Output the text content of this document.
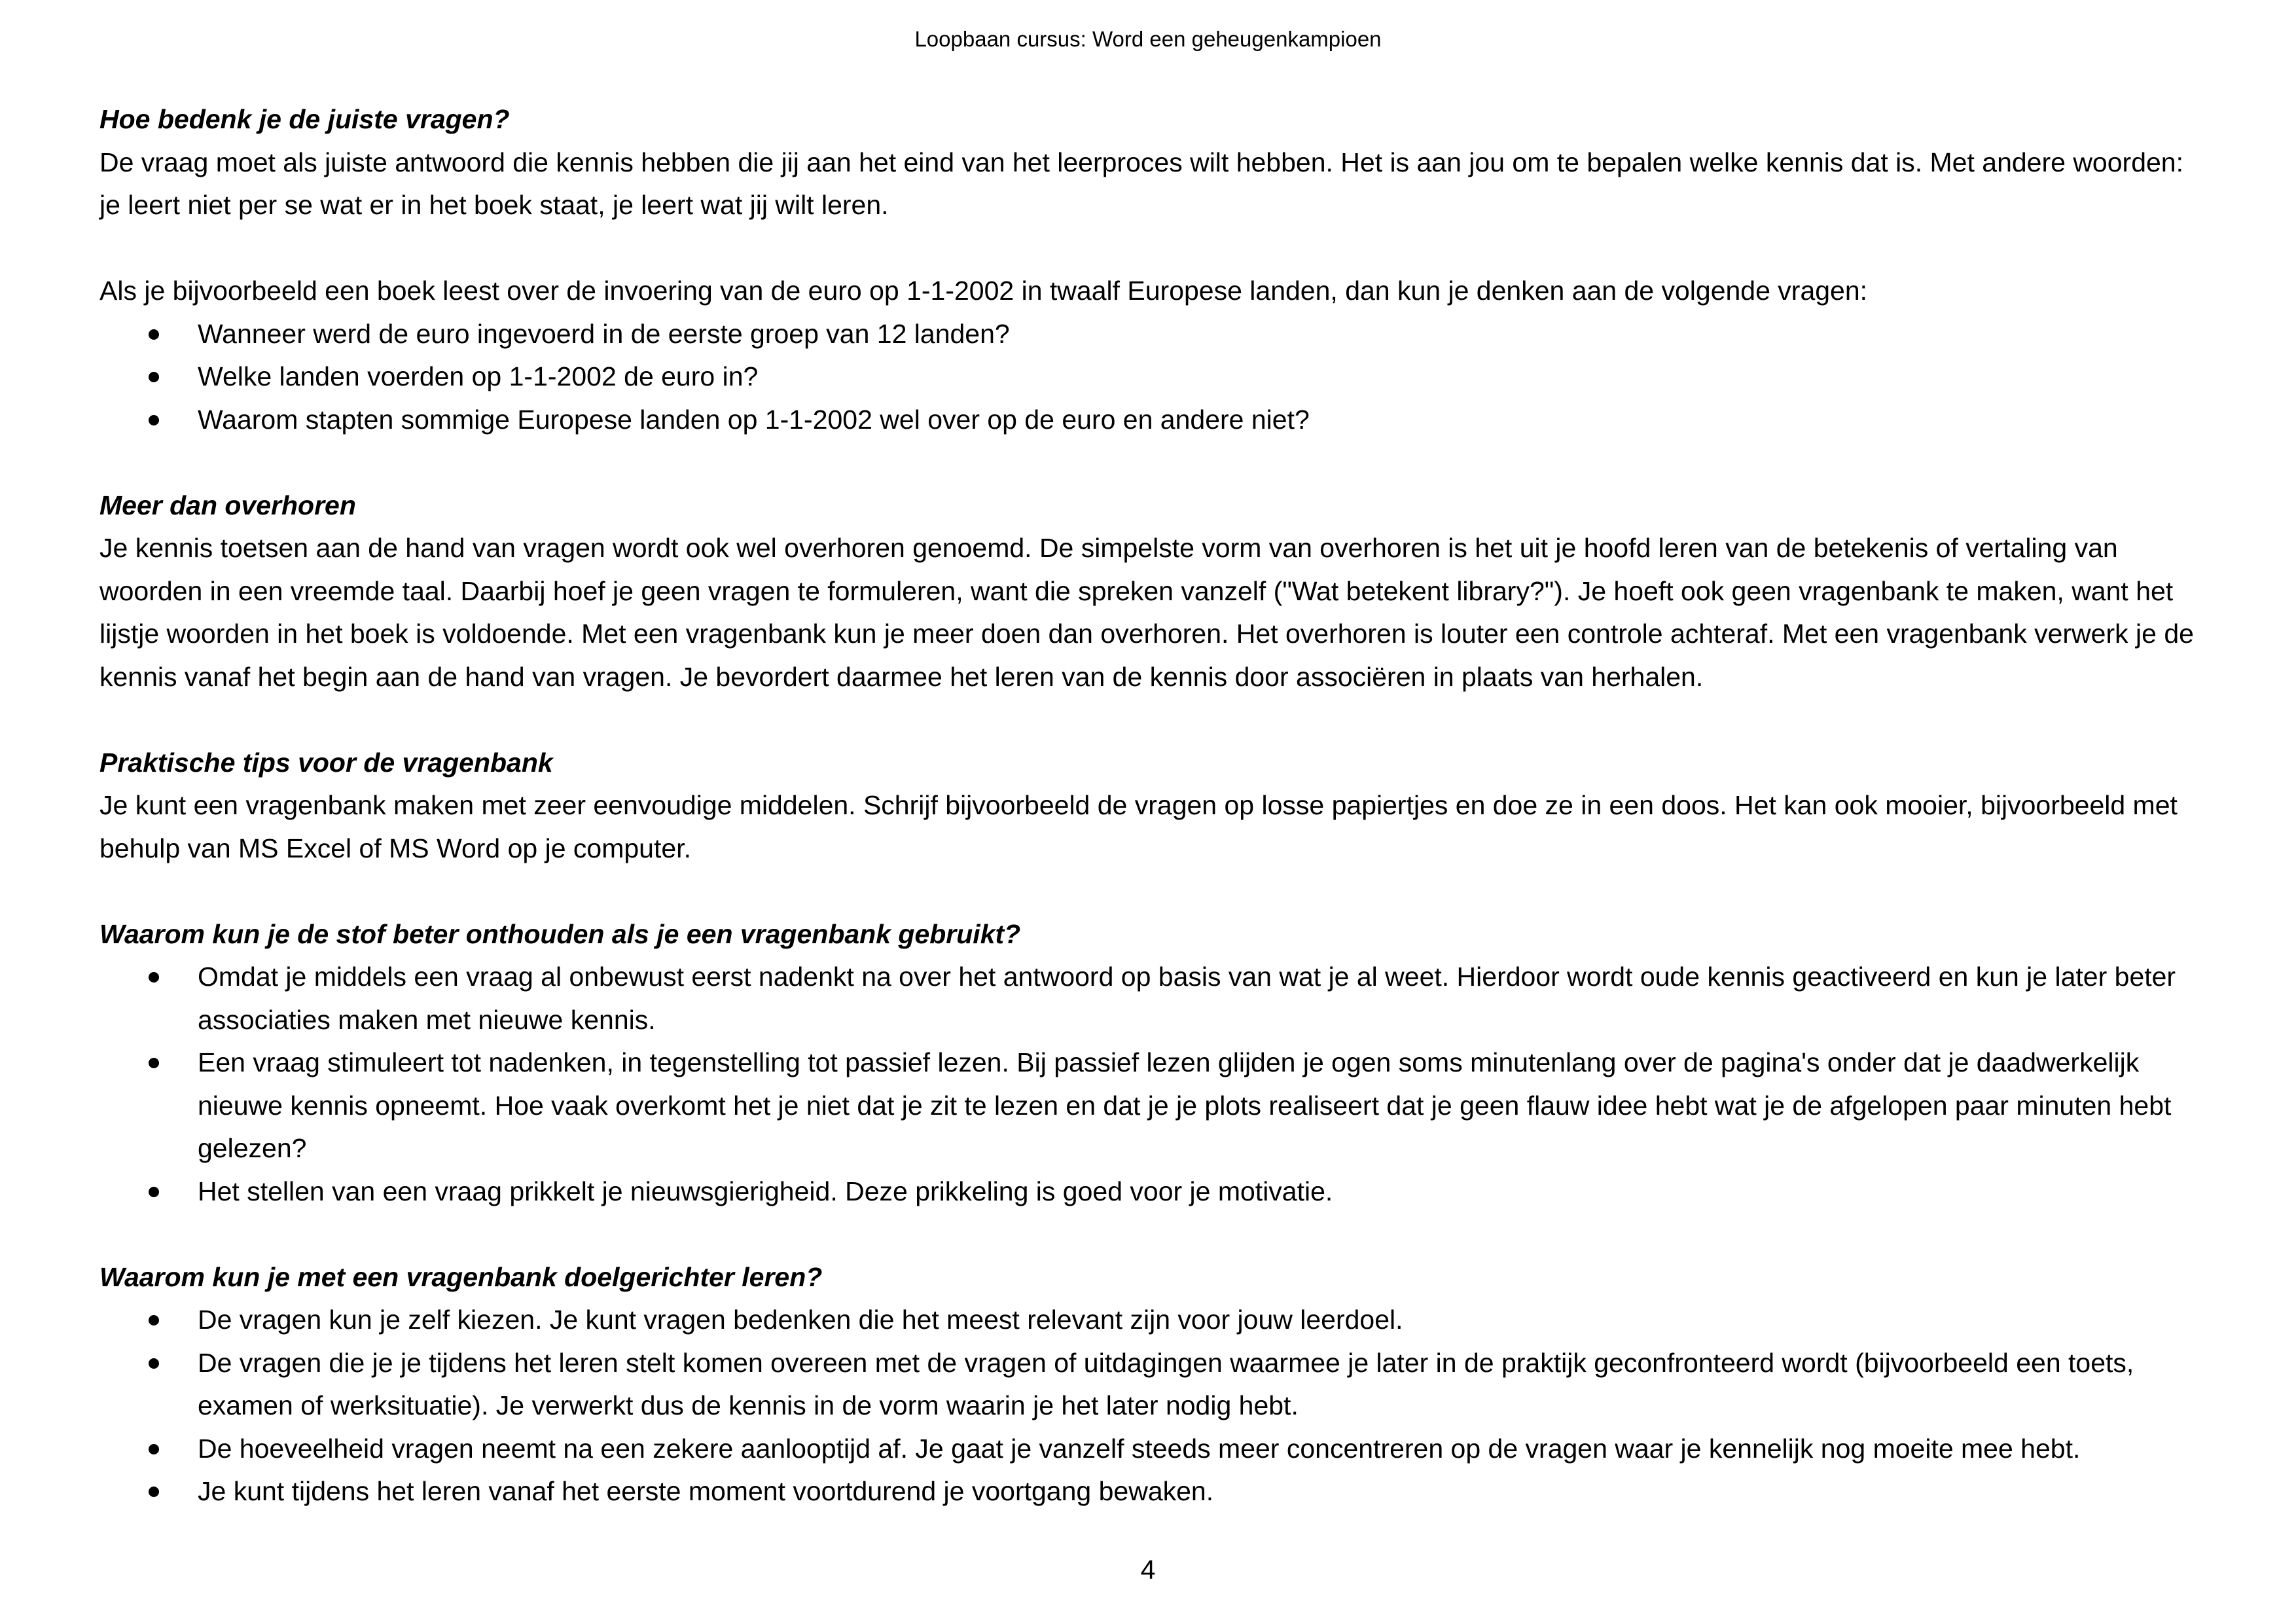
Loopbaan cursus: Word een geheugenkampioen

Hoe bedenk je de juiste vragen?

De vraag moet als juiste antwoord die kennis hebben die jij aan het eind van het leerproces wilt hebben. Het is aan jou om te bepalen welke kennis dat is. Met andere woorden: je leert niet per se wat er in het boek staat, je leert wat jij wilt leren.

Als je bijvoorbeeld een boek leest over de invoering van de euro op 1-1-2002 in twaalf Europese landen, dan kun je denken aan de volgende vragen:

Wanneer werd de euro ingevoerd in de eerste groep van 12 landen?
Welke landen voerden op 1-1-2002 de euro in?
Waarom stapten sommige Europese landen op 1-1-2002 wel over op de euro en andere niet?

Meer dan overhoren

Je kennis toetsen aan de hand van vragen wordt ook wel overhoren genoemd. De simpelste vorm van overhoren is het uit je hoofd leren van de betekenis of vertaling van woorden in een vreemde taal. Daarbij hoef je geen vragen te formuleren, want die spreken vanzelf ("Wat betekent library?"). Je hoeft ook geen vragenbank te maken, want het lijstje woorden in het boek is voldoende. Met een vragenbank kun je meer doen dan overhoren. Het overhoren is louter een controle achteraf. Met een vragenbank verwerk je de kennis vanaf het begin aan de hand van vragen. Je bevordert daarmee het leren van de kennis door associëren in plaats van herhalen.

Praktische tips voor de vragenbank

Je kunt een vragenbank maken met zeer eenvoudige middelen. Schrijf bijvoorbeeld de vragen op losse papiertjes en doe ze in een doos. Het kan ook mooier, bijvoorbeeld met behulp van MS Excel of MS Word op je computer.

Waarom kun je de stof beter onthouden als je een vragenbank gebruikt?

Omdat je middels een vraag al onbewust eerst nadenkt na over het antwoord op basis van wat je al weet. Hierdoor wordt oude kennis geactiveerd en kun je later beter associaties maken met nieuwe kennis.
Een vraag stimuleert tot nadenken, in tegenstelling tot passief lezen. Bij passief lezen glijden je ogen soms minutenlang over de pagina's onder dat je daadwerkelijk nieuwe kennis opneemt. Hoe vaak overkomt het je niet dat je zit te lezen en dat je je plots realiseert dat je geen flauw idee hebt wat je de afgelopen paar minuten hebt gelezen?
Het stellen van een vraag prikkelt je nieuwsgierigheid. Deze prikkeling is goed voor je motivatie.

Waarom kun je met een vragenbank doelgerichter leren?

De vragen kun je zelf kiezen. Je kunt vragen bedenken die het meest relevant zijn voor jouw leerdoel.
De vragen die je je tijdens het leren stelt komen overeen met de vragen of uitdagingen waarmee je later in de praktijk geconfronteerd wordt (bijvoorbeeld een toets, examen of werksituatie). Je verwerkt dus de kennis in de vorm waarin je het later nodig hebt.
De hoeveelheid vragen neemt na een zekere aanlooptijd af. Je gaat je vanzelf steeds meer concentreren op de vragen waar je kennelijk nog moeite mee hebt.
Je kunt tijdens het leren vanaf het eerste moment voortdurend je voortgang bewaken.
4
